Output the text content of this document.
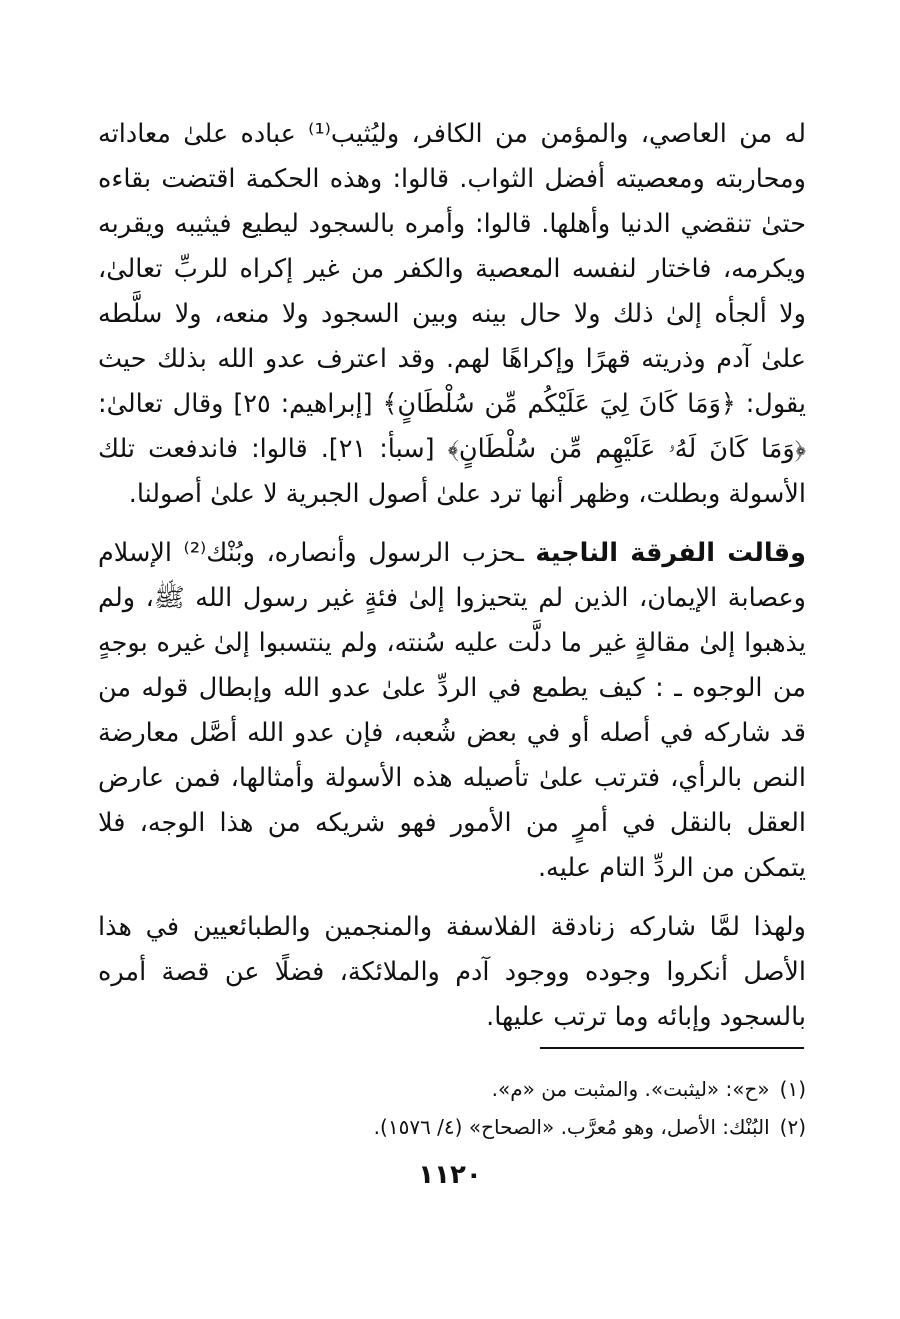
له من العاصي، والمؤمن من الكافر، وليُثيب⁽¹⁾ عباده علىٰ معاداته ومحاربته ومعصيته أفضل الثواب. قالوا: وهذه الحكمة اقتضت بقاءه حتىٰ تنقضي الدنيا وأهلها. قالوا: وأمره بالسجود ليطيع فيثيبه ويقربه ويكرمه، فاختار لنفسه المعصية والكفر من غير إكراه للربِّ تعالىٰ، ولا ألجأه إلىٰ ذلك ولا حال بينه وبين السجود ولا منعه، ولا سلَّطه علىٰ آدم وذريته قهرًا وإكراهًا لهم. وقد اعترف عدو الله بذلك حيث يقول: ﴿وَمَا كَانَ لِيَ عَلَيْكُم مِّن سُلْطَانٍ﴾ [إبراهيم: ٢٥] وقال تعالىٰ: ﴿وَمَا كَانَ لَهُۥ عَلَيْهِم مِّن سُلْطَانٍ﴾ [سبأ: ٢١]. قالوا: فاندفعت تلك الأسولة وبطلت، وظهر أنها ترد علىٰ أصول الجبرية لا علىٰ أصولنا.

وقالت الفرقة الناجية ـحزب الرسول وأنصاره، وبُنْك⁽²⁾ الإسلام وعصابة الإيمان، الذين لم يتحيزوا إلىٰ فئةٍ غير رسول الله ﷺ، ولم يذهبوا إلىٰ مقالةٍ غير ما دلَّت عليه سُنته، ولم ينتسبوا إلىٰ غيره بوجهٍ من الوجوه ـ : كيف يطمع في الردِّ علىٰ عدو الله وإبطال قوله من قد شاركه في أصله أو في بعض شُعبه، فإن عدو الله أصَّل معارضة النص بالرأي، فترتب علىٰ تأصيله هذه الأسولة وأمثالها، فمن عارض العقل بالنقل في أمرٍ من الأمور فهو شريكه من هذا الوجه، فلا يتمكن من الردِّ التام عليه.

ولهذا لمَّا شاركه زنادقة الفلاسفة والمنجمين والطبائعيين في هذا الأصل أنكروا وجوده ووجود آدم والملائكة، فضلًا عن قصة أمره بالسجود وإبائه وما ترتب عليها.

(١)«ح»: «ليثبت». والمثبت من «م».

(٢)البُنْك: الأصل، وهو مُعرَّب. «الصحاح» (٤/ ١٥٧٦).

١١٢٠
